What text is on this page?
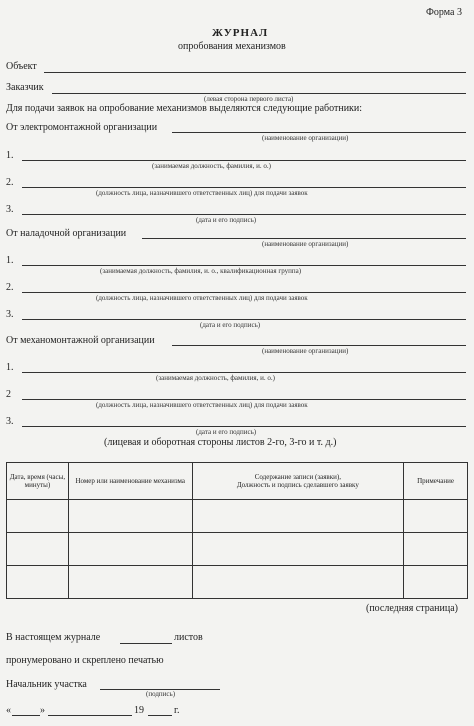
Форма 3
ЖУРНАЛ
опробования механизмов
Объект
Заказчик
(левая сторона первого листа)
Для подачи заявок на опробование механизмов выделяются следующие работники:
От электромонтажной организации
(наименование организации)
1.
(занимаемая должность, фамилия, и. о.)
2.
(должность лица, назначившего ответственных лиц) для подачи заявок
3.
(дата и его подпись)
От наладочной организации
(наименование организации)
1.
(занимаемая должность, фамилия, и. о., квалификационная группа)
2.
(должность лица, назначившего ответственных лиц) для подачи заявок
3.
(дата и его подпись)
От механомонтажной организации
(наименование организации)
1.
(занимаемая должность, фамилия, и. о.)
2
(должность лица, назначившего ответственных лиц) для подачи заявок
3.
(дата и его подпись)
(лицевая и оборотная стороны листов 2-го, 3-го и т. д.)
Дата, время (часы, минуты)	Номер или наименование механизма	Содержание записи (заявки),
Должность и подпись сделавшего заявку	Примечание

(последняя страница)
В настоящем журнале	листов
пронумеровано и скреплено печатью
Начальник участка
(подпись)
«	»	19	г.
